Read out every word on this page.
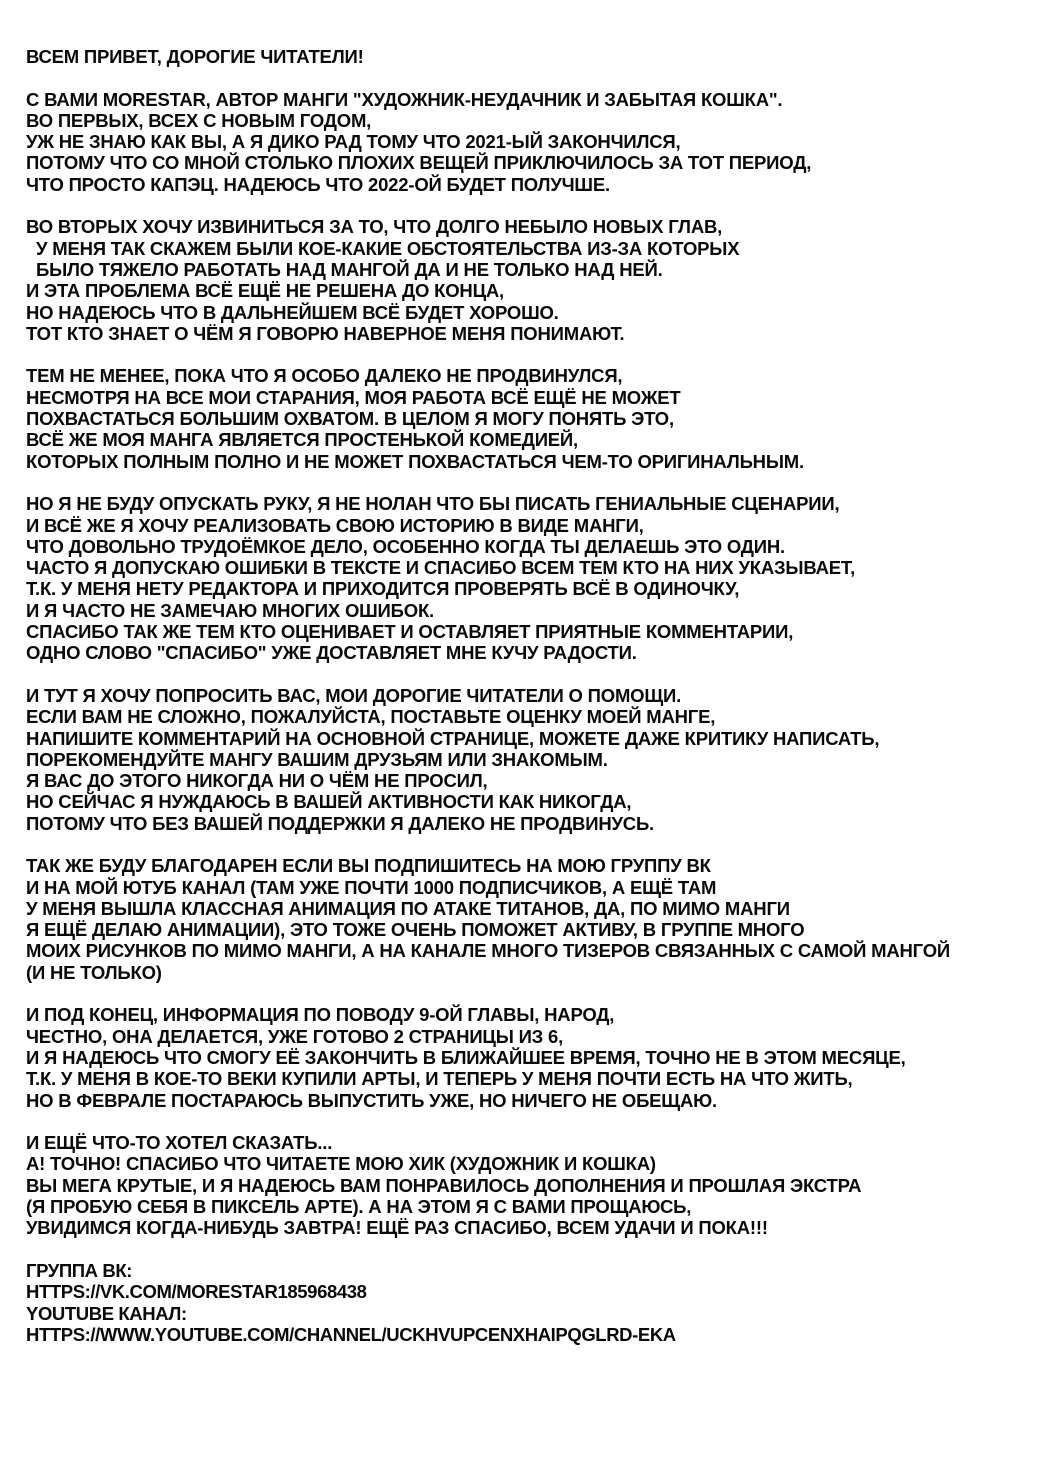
ВСЕМ ПРИВЕТ, ДОРОГИЕ ЧИТАТЕЛИ!
С ВАМИ MORESTAR, АВТОР МАНГИ "ХУДОЖНИК-НЕУДАЧНИК И ЗАБЫТАЯ КОШКА".
ВО ПЕРВЫХ, ВСЕХ С НОВЫМ ГОДОМ,
УЖ НЕ ЗНАЮ КАК ВЫ, А Я ДИКО РАД ТОМУ ЧТО 2021-ЫЙ ЗАКОНЧИЛСЯ,
ПОТОМУ ЧТО СО МНОЙ СТОЛЬКО ПЛОХИХ ВЕЩЕЙ ПРИКЛЮЧИЛОСЬ ЗА ТОТ ПЕРИОД,
ЧТО ПРОСТО КАПЭЦ. НАДЕЮСЬ ЧТО 2022-ОЙ БУДЕТ ПОЛУЧШЕ.
ВО ВТОРЫХ ХОЧУ ИЗВИНИТЬСЯ ЗА ТО, ЧТО ДОЛГО НЕБЫЛО НОВЫХ ГЛАВ,
У МЕНЯ ТАК СКАЖЕМ БЫЛИ КОЕ-КАКИЕ ОБСТОЯТЕЛЬСТВА ИЗ-ЗА КОТОРЫХ
БЫЛО ТЯЖЕЛО РАБОТАТЬ НАД МАНГОЙ ДА И НЕ ТОЛЬКО НАД НЕЙ.
И ЭТА ПРОБЛЕМА ВСЁ ЕЩЁ НЕ РЕШЕНА ДО КОНЦА,
НО НАДЕЮСЬ ЧТО В ДАЛЬНЕЙШЕМ ВСЁ БУДЕТ ХОРОШО.
ТОТ КТО ЗНАЕТ О ЧЁМ Я ГОВОРЮ НАВЕРНОЕ МЕНЯ ПОНИМАЮТ.
ТЕМ НЕ МЕНЕЕ, ПОКА ЧТО Я ОСОБО ДАЛЕКО НЕ ПРОДВИНУЛСЯ,
НЕСМОТРЯ НА ВСЕ МОИ СТАРАНИЯ, МОЯ РАБОТА ВСЁ ЕЩЁ НЕ МОЖЕТ
ПОХВАСТАТЬСЯ БОЛЬШИМ ОХВАТОМ. В ЦЕЛОМ Я МОГУ ПОНЯТЬ ЭТО,
ВСЁ ЖЕ МОЯ МАНГА ЯВЛЯЕТСЯ ПРОСТЕНЬКОЙ КОМЕДИЕЙ,
КОТОРЫХ ПОЛНЫМ ПОЛНО И НЕ МОЖЕТ ПОХВАСТАТЬСЯ ЧЕМ-ТО ОРИГИНАЛЬНЫМ.
НО Я НЕ БУДУ ОПУСКАТЬ РУКУ, Я НЕ НОЛАН ЧТО БЫ ПИСАТЬ ГЕНИАЛЬНЫЕ СЦЕНАРИИ,
И ВСЁ ЖЕ Я ХОЧУ РЕАЛИЗОВАТЬ СВОЮ ИСТОРИЮ В ВИДЕ МАНГИ,
ЧТО ДОВОЛЬНО ТРУДОЁМКОЕ ДЕЛО, ОСОБЕННО КОГДА ТЫ ДЕЛАЕШЬ ЭТО ОДИН.
ЧАСТО Я ДОПУСКАЮ ОШИБКИ В ТЕКСТЕ И СПАСИБО ВСЕМ ТЕМ КТО НА НИХ УКАЗЫВАЕТ,
Т.К. У МЕНЯ НЕТУ РЕДАКТОРА И ПРИХОДИТСЯ ПРОВЕРЯТЬ ВСЁ В ОДИНОЧКУ,
И Я ЧАСТО НЕ ЗАМЕЧАЮ МНОГИХ ОШИБОК.
СПАСИБО ТАК ЖЕ ТЕМ КТО ОЦЕНИВАЕТ И ОСТАВЛЯЕТ ПРИЯТНЫЕ КОММЕНТАРИИ,
ОДНО СЛОВО "СПАСИБО" УЖЕ ДОСТАВЛЯЕТ МНЕ КУЧУ РАДОСТИ.
И ТУТ Я ХОЧУ ПОПРОСИТЬ ВАС, МОИ ДОРОГИЕ ЧИТАТЕЛИ О ПОМОЩИ.
ЕСЛИ ВАМ НЕ СЛОЖНО, ПОЖАЛУЙСТА, ПОСТАВЬТЕ ОЦЕНКУ МОЕЙ МАНГЕ,
НАПИШИТЕ КОММЕНТАРИЙ НА ОСНОВНОЙ СТРАНИЦЕ, МОЖЕТЕ ДАЖЕ КРИТИКУ НАПИСАТЬ,
ПОРЕКОМЕНДУЙТЕ МАНГУ ВАШИМ ДРУЗЬЯМ ИЛИ ЗНАКОМЫМ.
Я ВАС ДО ЭТОГО НИКОГДА НИ О ЧЁМ НЕ ПРОСИЛ,
НО СЕЙЧАС Я НУЖДАЮСЬ В ВАШЕЙ АКТИВНОСТИ КАК НИКОГДА,
ПОТОМУ ЧТО БЕЗ ВАШЕЙ ПОДДЕРЖКИ Я ДАЛЕКО НЕ ПРОДВИНУСЬ.
ТАК ЖЕ БУДУ БЛАГОДАРЕН ЕСЛИ ВЫ ПОДПИШИТЕСЬ НА МОЮ ГРУППУ ВК
И НА МОЙ ЮТУБ КАНАЛ (ТАМ УЖЕ ПОЧТИ 1000 ПОДПИСЧИКОВ, А ЕЩЁ ТАМ
У МЕНЯ ВЫШЛА КЛАССНАЯ АНИМАЦИЯ ПО АТАКЕ ТИТАНОВ, ДА, ПО МИМО МАНГИ
Я ЕЩЁ ДЕЛАЮ АНИМАЦИИ), ЭТО ТОЖЕ ОЧЕНЬ ПОМОЖЕТ АКТИВУ, В ГРУППЕ МНОГО
МОИХ РИСУНКОВ ПО МИМО МАНГИ, А НА КАНАЛЕ МНОГО ТИЗЕРОВ СВЯЗАННЫХ С САМОЙ МАНГОЙ
(И НЕ ТОЛЬКО)
И ПОД КОНЕЦ, ИНФОРМАЦИЯ ПО ПОВОДУ 9-ОЙ ГЛАВЫ, НАРОД,
ЧЕСТНО, ОНА ДЕЛАЕТСЯ, УЖЕ ГОТОВО 2 СТРАНИЦЫ ИЗ 6,
И Я НАДЕЮСЬ ЧТО СМОГУ ЕЁ ЗАКОНЧИТЬ В БЛИЖАЙШЕЕ ВРЕМЯ, ТОЧНО НЕ В ЭТОМ МЕСЯЦЕ,
Т.К. У МЕНЯ В КОЕ-ТО ВЕКИ КУПИЛИ АРТЫ, И ТЕПЕРЬ У МЕНЯ ПОЧТИ ЕСТЬ НА ЧТО ЖИТЬ,
НО В ФЕВРАЛЕ ПОСТАРАЮСЬ ВЫПУСТИТЬ УЖЕ, НО НИЧЕГО НЕ ОБЕЩАЮ.
И ЕЩЁ ЧТО-ТО ХОТЕЛ СКАЗАТЬ...
А! ТОЧНО! СПАСИБО ЧТО ЧИТАЕТЕ МОЮ ХИК (ХУДОЖНИК И КОШКА)
ВЫ МЕГА КРУТЫЕ, И Я НАДЕЮСЬ ВАМ ПОНРАВИЛОСЬ ДОПОЛНЕНИЯ И ПРОШЛАЯ ЭКСТРА
(Я ПРОБУЮ СЕБЯ В ПИКСЕЛЬ АРТЕ). А НА ЭТОМ Я С ВАМИ ПРОЩАЮСЬ,
УВИДИМСЯ КОГДА-НИБУДЬ ЗАВТРА! ЕЩЁ РАЗ СПАСИБО, ВСЕМ УДАЧИ И ПОКА!!!
ГРУППА ВК:
HTTPS://VK.COM/MORESTAR185968438
YOUTUBE КАНАЛ:
HTTPS://WWW.YOUTUBE.COM/CHANNEL/UCKHVUPCENXHAIPQGLRD-EKA
